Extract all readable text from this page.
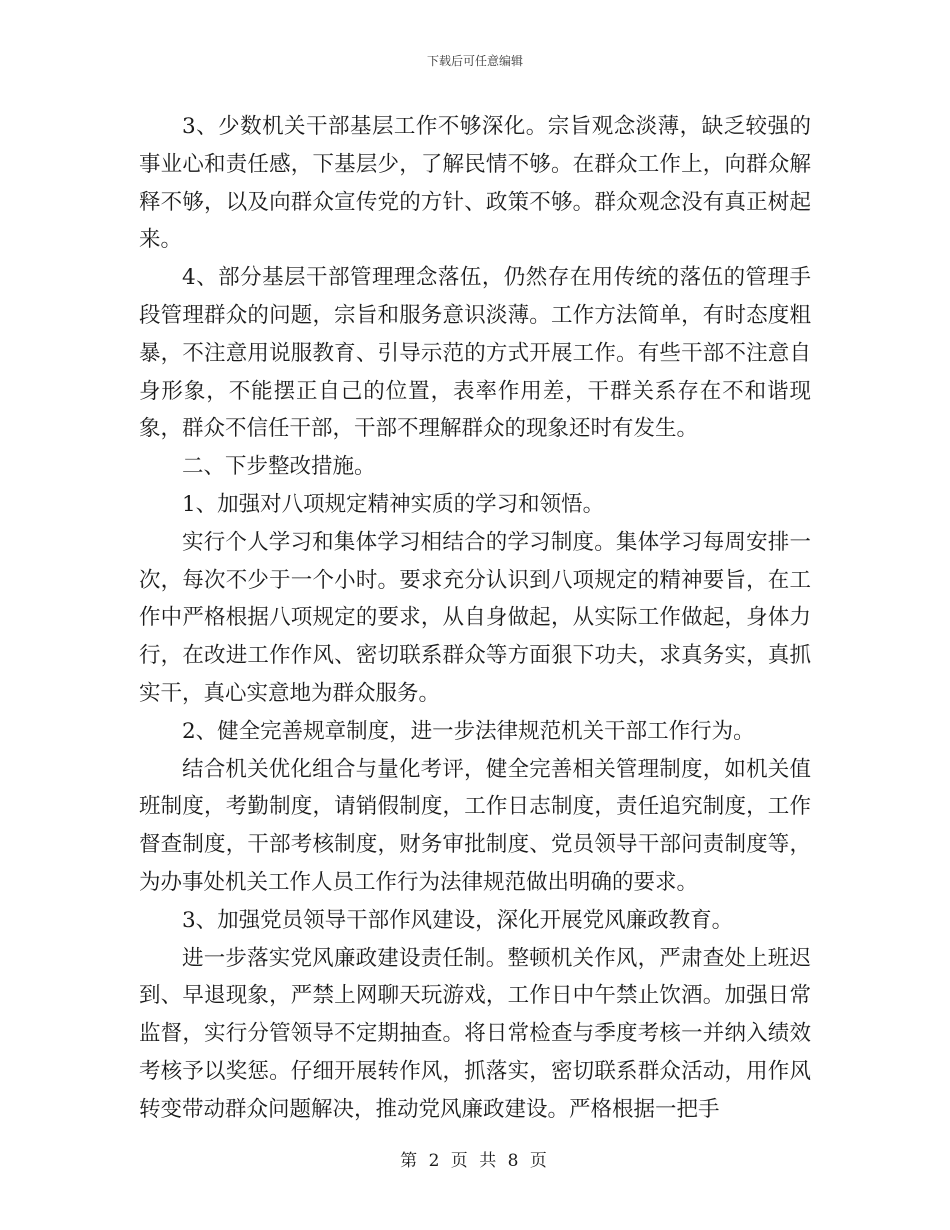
下载后可任意编辑

3、少数机关干部基层工作不够深化。宗旨观念淡薄，缺乏较强的事业心和责任感，下基层少，了解民情不够。在群众工作上，向群众解释不够，以及向群众宣传党的方针、政策不够。群众观念没有真正树起来。

4、部分基层干部管理理念落伍，仍然存在用传统的落伍的管理手段管理群众的问题，宗旨和服务意识淡薄。工作方法简单，有时态度粗暴，不注意用说服教育、引导示范的方式开展工作。有些干部不注意自身形象，不能摆正自己的位置，表率作用差，干群关系存在不和谐现象，群众不信任干部，干部不理解群众的现象还时有发生。

二、下步整改措施。

1、加强对八项规定精神实质的学习和领悟。

实行个人学习和集体学习相结合的学习制度。集体学习每周安排一次，每次不少于一个小时。要求充分认识到八项规定的精神要旨，在工作中严格根据八项规定的要求，从自身做起，从实际工作做起，身体力行，在改进工作作风、密切联系群众等方面狠下功夫，求真务实，真抓实干，真心实意地为群众服务。

2、健全完善规章制度，进一步法律规范机关干部工作行为。

结合机关优化组合与量化考评，健全完善相关管理制度，如机关值班制度，考勤制度，请销假制度，工作日志制度，责任追究制度，工作督查制度，干部考核制度，财务审批制度、党员领导干部问责制度等，为办事处机关工作人员工作行为法律规范做出明确的要求。

3、加强党员领导干部作风建设，深化开展党风廉政教育。

进一步落实党风廉政建设责任制。整顿机关作风，严肃查处上班迟到、早退现象，严禁上网聊天玩游戏，工作日中午禁止饮酒。加强日常监督，实行分管领导不定期抽查。将日常检查与季度考核一并纳入绩效考核予以奖惩。仔细开展转作风，抓落实，密切联系群众活动，用作风转变带动群众问题解决，推动党风廉政建设。严格根据一把手

第 2 页 共 8 页
